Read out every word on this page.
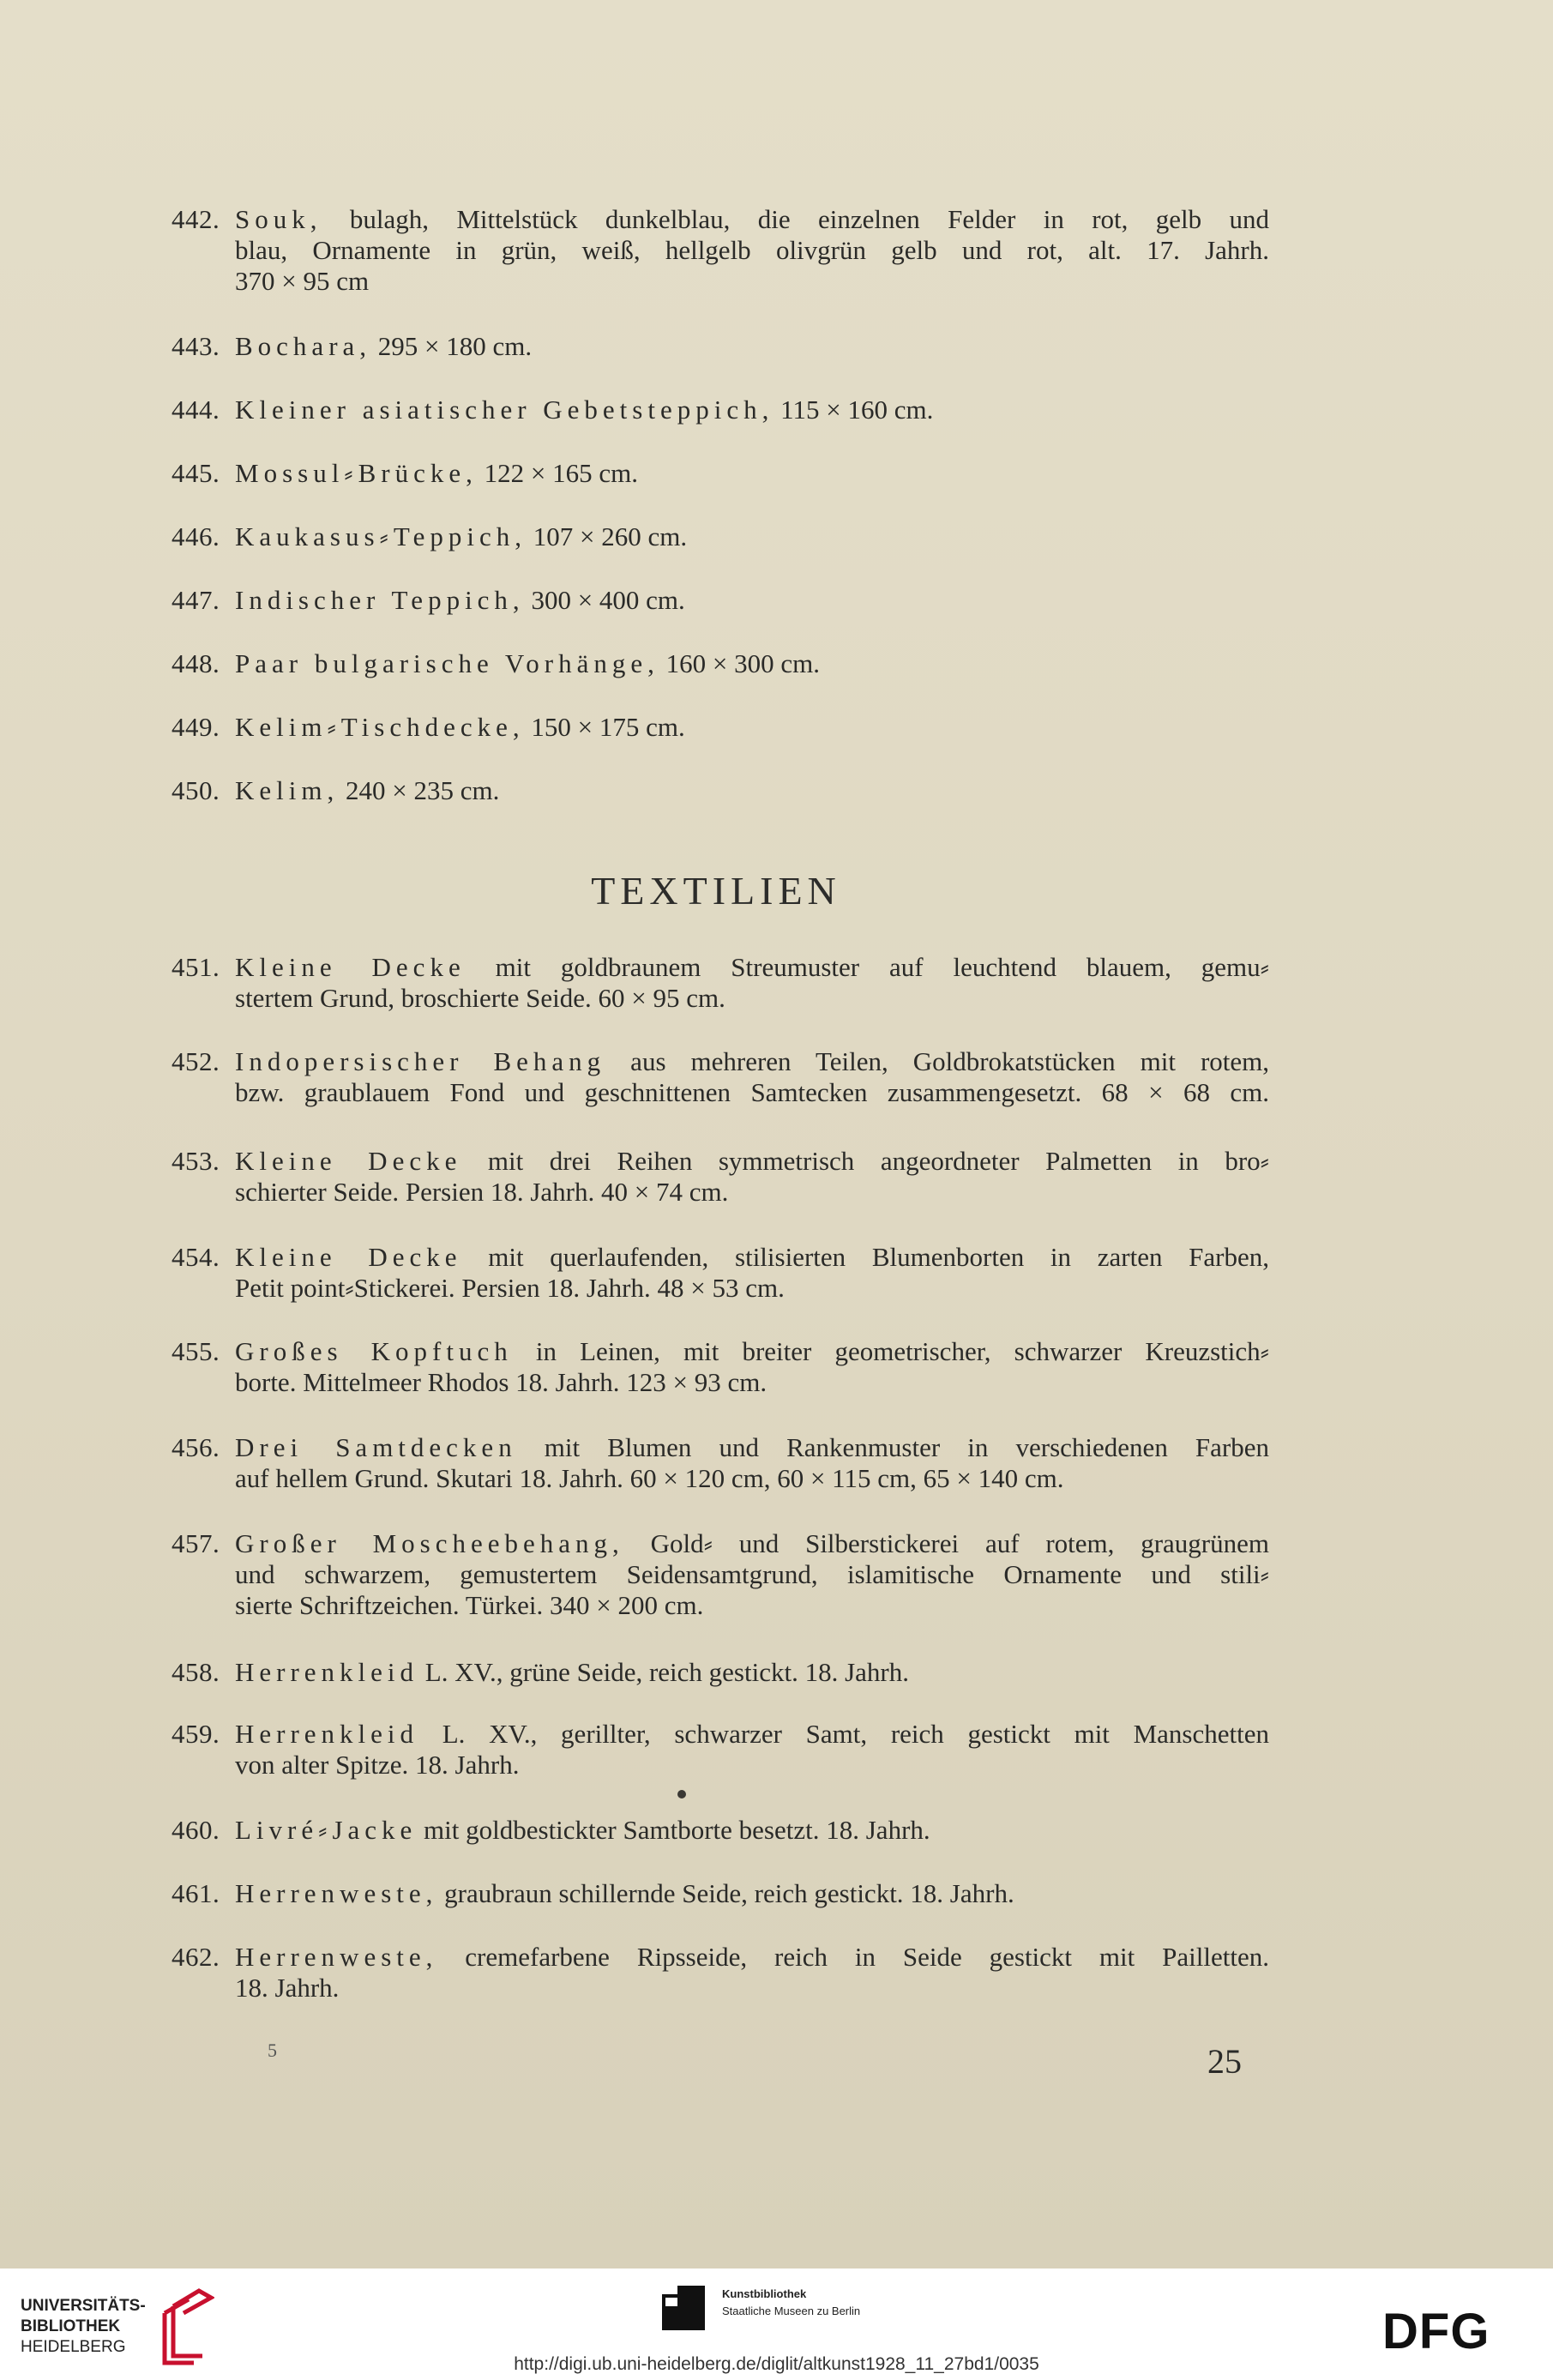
442. Souk, bulagh, Mittelstück dunkelblau, die einzelnen Felder in rot, gelb und
blau, Ornamente in grün, weiß, hellgelb olivgrün gelb und rot, alt. 17. Jahrh.
370 × 95 cm
443. Bochara, 295 × 180 cm.
444. Kleiner asiatischer Gebetsteppich, 115 × 160 cm.
445. Mossul⸗Brücke, 122 × 165 cm.
446. Kaukasus⸗Teppich, 107 × 260 cm.
447. Indischer Teppich, 300 × 400 cm.
448. Paar bulgarische Vorhänge, 160 × 300 cm.
449. Kelim⸗Tischdecke, 150 × 175 cm.
450. Kelim, 240 × 235 cm.
TEXTILIEN
451. Kleine Decke mit goldbraunem Streumuster auf leuchtend blauem, gemu⸗
stertem Grund, broschierte Seide. 60 × 95 cm.
452. Indopersischer Behang aus mehreren Teilen, Goldbrokatstücken mit rotem,
bzw. graublauem Fond und geschnittenen Samtecken zusammengesetzt. 68 × 68 cm.
453. Kleine Decke mit drei Reihen symmetrisch angeordneter Palmetten in bro⸗
schierter Seide. Persien 18. Jahrh. 40 × 74 cm.
454. Kleine Decke mit querlaufenden, stilisierten Blumenborten in zarten Farben,
Petit point⸗Stickerei. Persien 18. Jahrh. 48 × 53 cm.
455. Großes Kopftuch in Leinen, mit breiter geometrischer, schwarzer Kreuzstich⸗
borte. Mittelmeer Rhodos 18. Jahrh. 123 × 93 cm.
456. Drei Samtdecken mit Blumen und Rankenmuster in verschiedenen Farben
auf hellem Grund. Skutari 18. Jahrh. 60 × 120 cm, 60 × 115 cm, 65 × 140 cm.
457. Großer Moscheebehang, Gold⸗ und Silberstickerei auf rotem, graugrünem
und schwarzem, gemustertem Seidensamtgrund, islamitische Ornamente und stili⸗
sierte Schriftzeichen. Türkei. 340 × 200 cm.
458. Herrenkleid L. XV., grüne Seide, reich gestickt. 18. Jahrh.
459. Herrenkleid L. XV., gerillter, schwarzer Samt, reich gestickt mit Manschetten
von alter Spitze. 18. Jahrh.
460. Livré⸗Jacke mit goldbestickter Samtborte besetzt. 18. Jahrh.
461. Herrenweste, graubraun schillernde Seide, reich gestickt. 18. Jahrh.
462. Herrenweste, cremefarbene Ripsseide, reich in Seide gestickt mit Pailletten.
18. Jahrh.
5	25
UNIVERSITÄTS-
BIBLIOTHEK
HEIDELBERG
Kunstbibliothek
Staatliche Museen zu Berlin	DFG
http://digi.ub.uni-heidelberg.de/diglit/altkunst1928_11_27bd1/0035
